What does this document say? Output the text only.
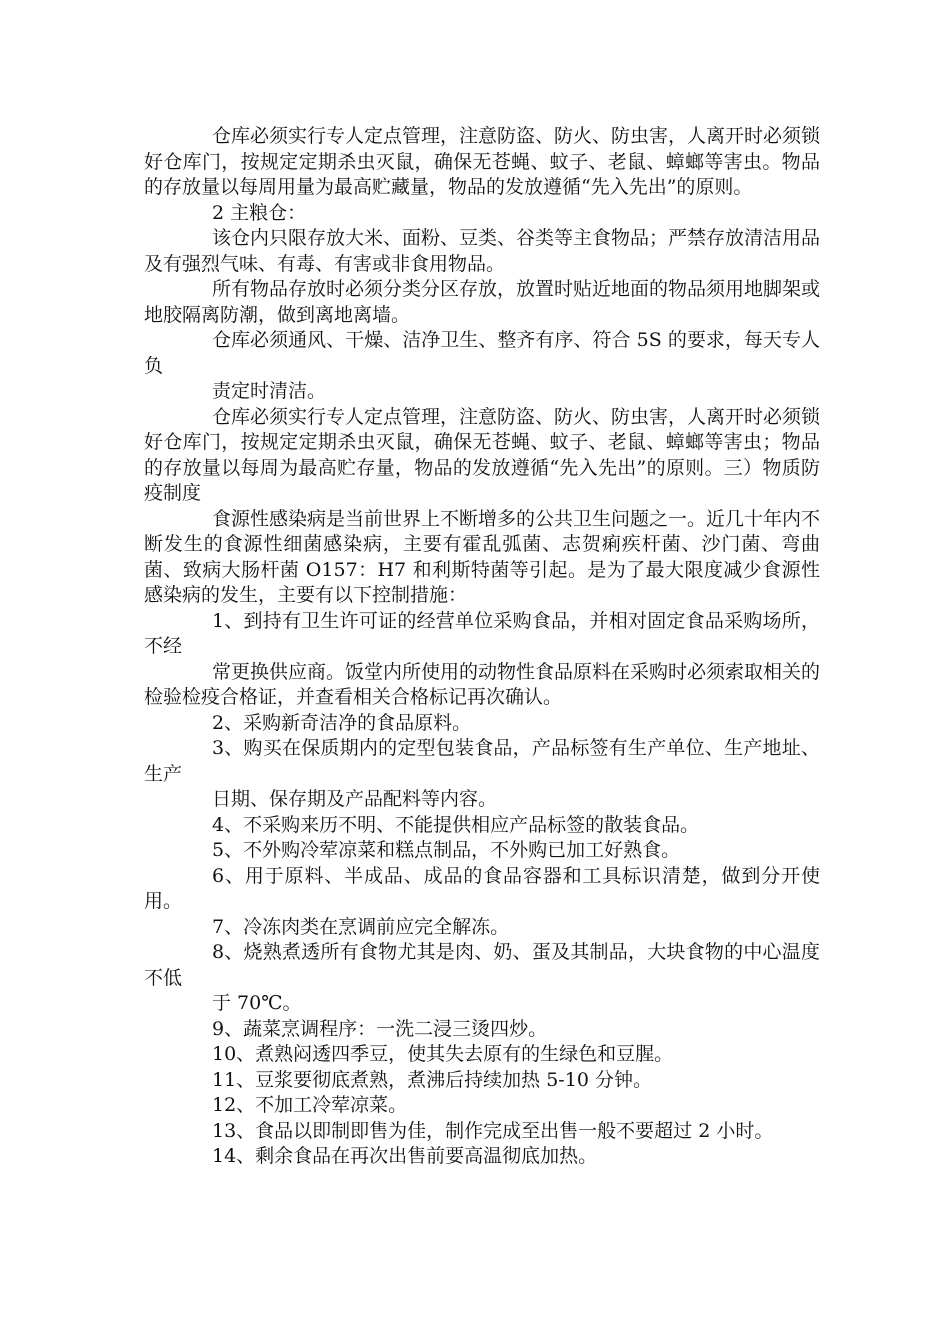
仓库必须实行专人定点管理，注意防盗、防火、防虫害，人离开时必须锁好仓库门，按规定定期杀虫灭鼠，确保无苍蝇、蚊子、老鼠、蟑螂等害虫。物品的存放量以每周用量为最高贮藏量，物品的发放遵循“先入先出”的原则。

2 主粮仓：

该仓内只限存放大米、面粉、豆类、谷类等主食物品；严禁存放清洁用品及有强烈气味、有毒、有害或非食用物品。

所有物品存放时必须分类分区存放，放置时贴近地面的物品须用地脚架或地胶隔离防潮，做到离地离墙。

仓库必须通风、干燥、洁净卫生、整齐有序、符合 5S 的要求，每天专人负

责定时清洁。

仓库必须实行专人定点管理，注意防盗、防火、防虫害，人离开时必须锁好仓库门，按规定定期杀虫灭鼠，确保无苍蝇、蚊子、老鼠、蟑螂等害虫；物品的存放量以每周为最高贮存量，物品的发放遵循“先入先出”的原则。三）物质防疫制度

食源性感染病是当前世界上不断增多的公共卫生问题之一。近几十年内不断发生的食源性细菌感染病，主要有霍乱弧菌、志贺痢疾杆菌、沙门菌、弯曲菌、致病大肠杆菌 O157：H7 和利斯特菌等引起。是为了最大限度减少食源性感染病的发生，主要有以下控制措施：

1、到持有卫生许可证的经营单位采购食品，并相对固定食品采购场所，不经

常更换供应商。饭堂内所使用的动物性食品原料在采购时必须索取相关的检验检疫合格证，并查看相关合格标记再次确认。

2、采购新奇洁净的食品原料。

3、购买在保质期内的定型包装食品，产品标签有生产单位、生产地址、生产

日期、保存期及产品配料等内容。

4、不采购来历不明、不能提供相应产品标签的散装食品。

5、不外购冷荤凉菜和糕点制品，不外购已加工好熟食。

6、用于原料、半成品、成品的食品容器和工具标识清楚，做到分开使用。

7、冷冻肉类在烹调前应完全解冻。

8、烧熟煮透所有食物尤其是肉、奶、蛋及其制品，大块食物的中心温度不低

于 70℃。

9、蔬菜烹调程序：一洗二浸三烫四炒。

10、煮熟闷透四季豆，使其失去原有的生绿色和豆腥。

11、豆浆要彻底煮熟，煮沸后持续加热 5-10 分钟。

12、不加工冷荤凉菜。

13、食品以即制即售为佳，制作完成至出售一般不要超过 2 小时。

14、剩余食品在再次出售前要高温彻底加热。
